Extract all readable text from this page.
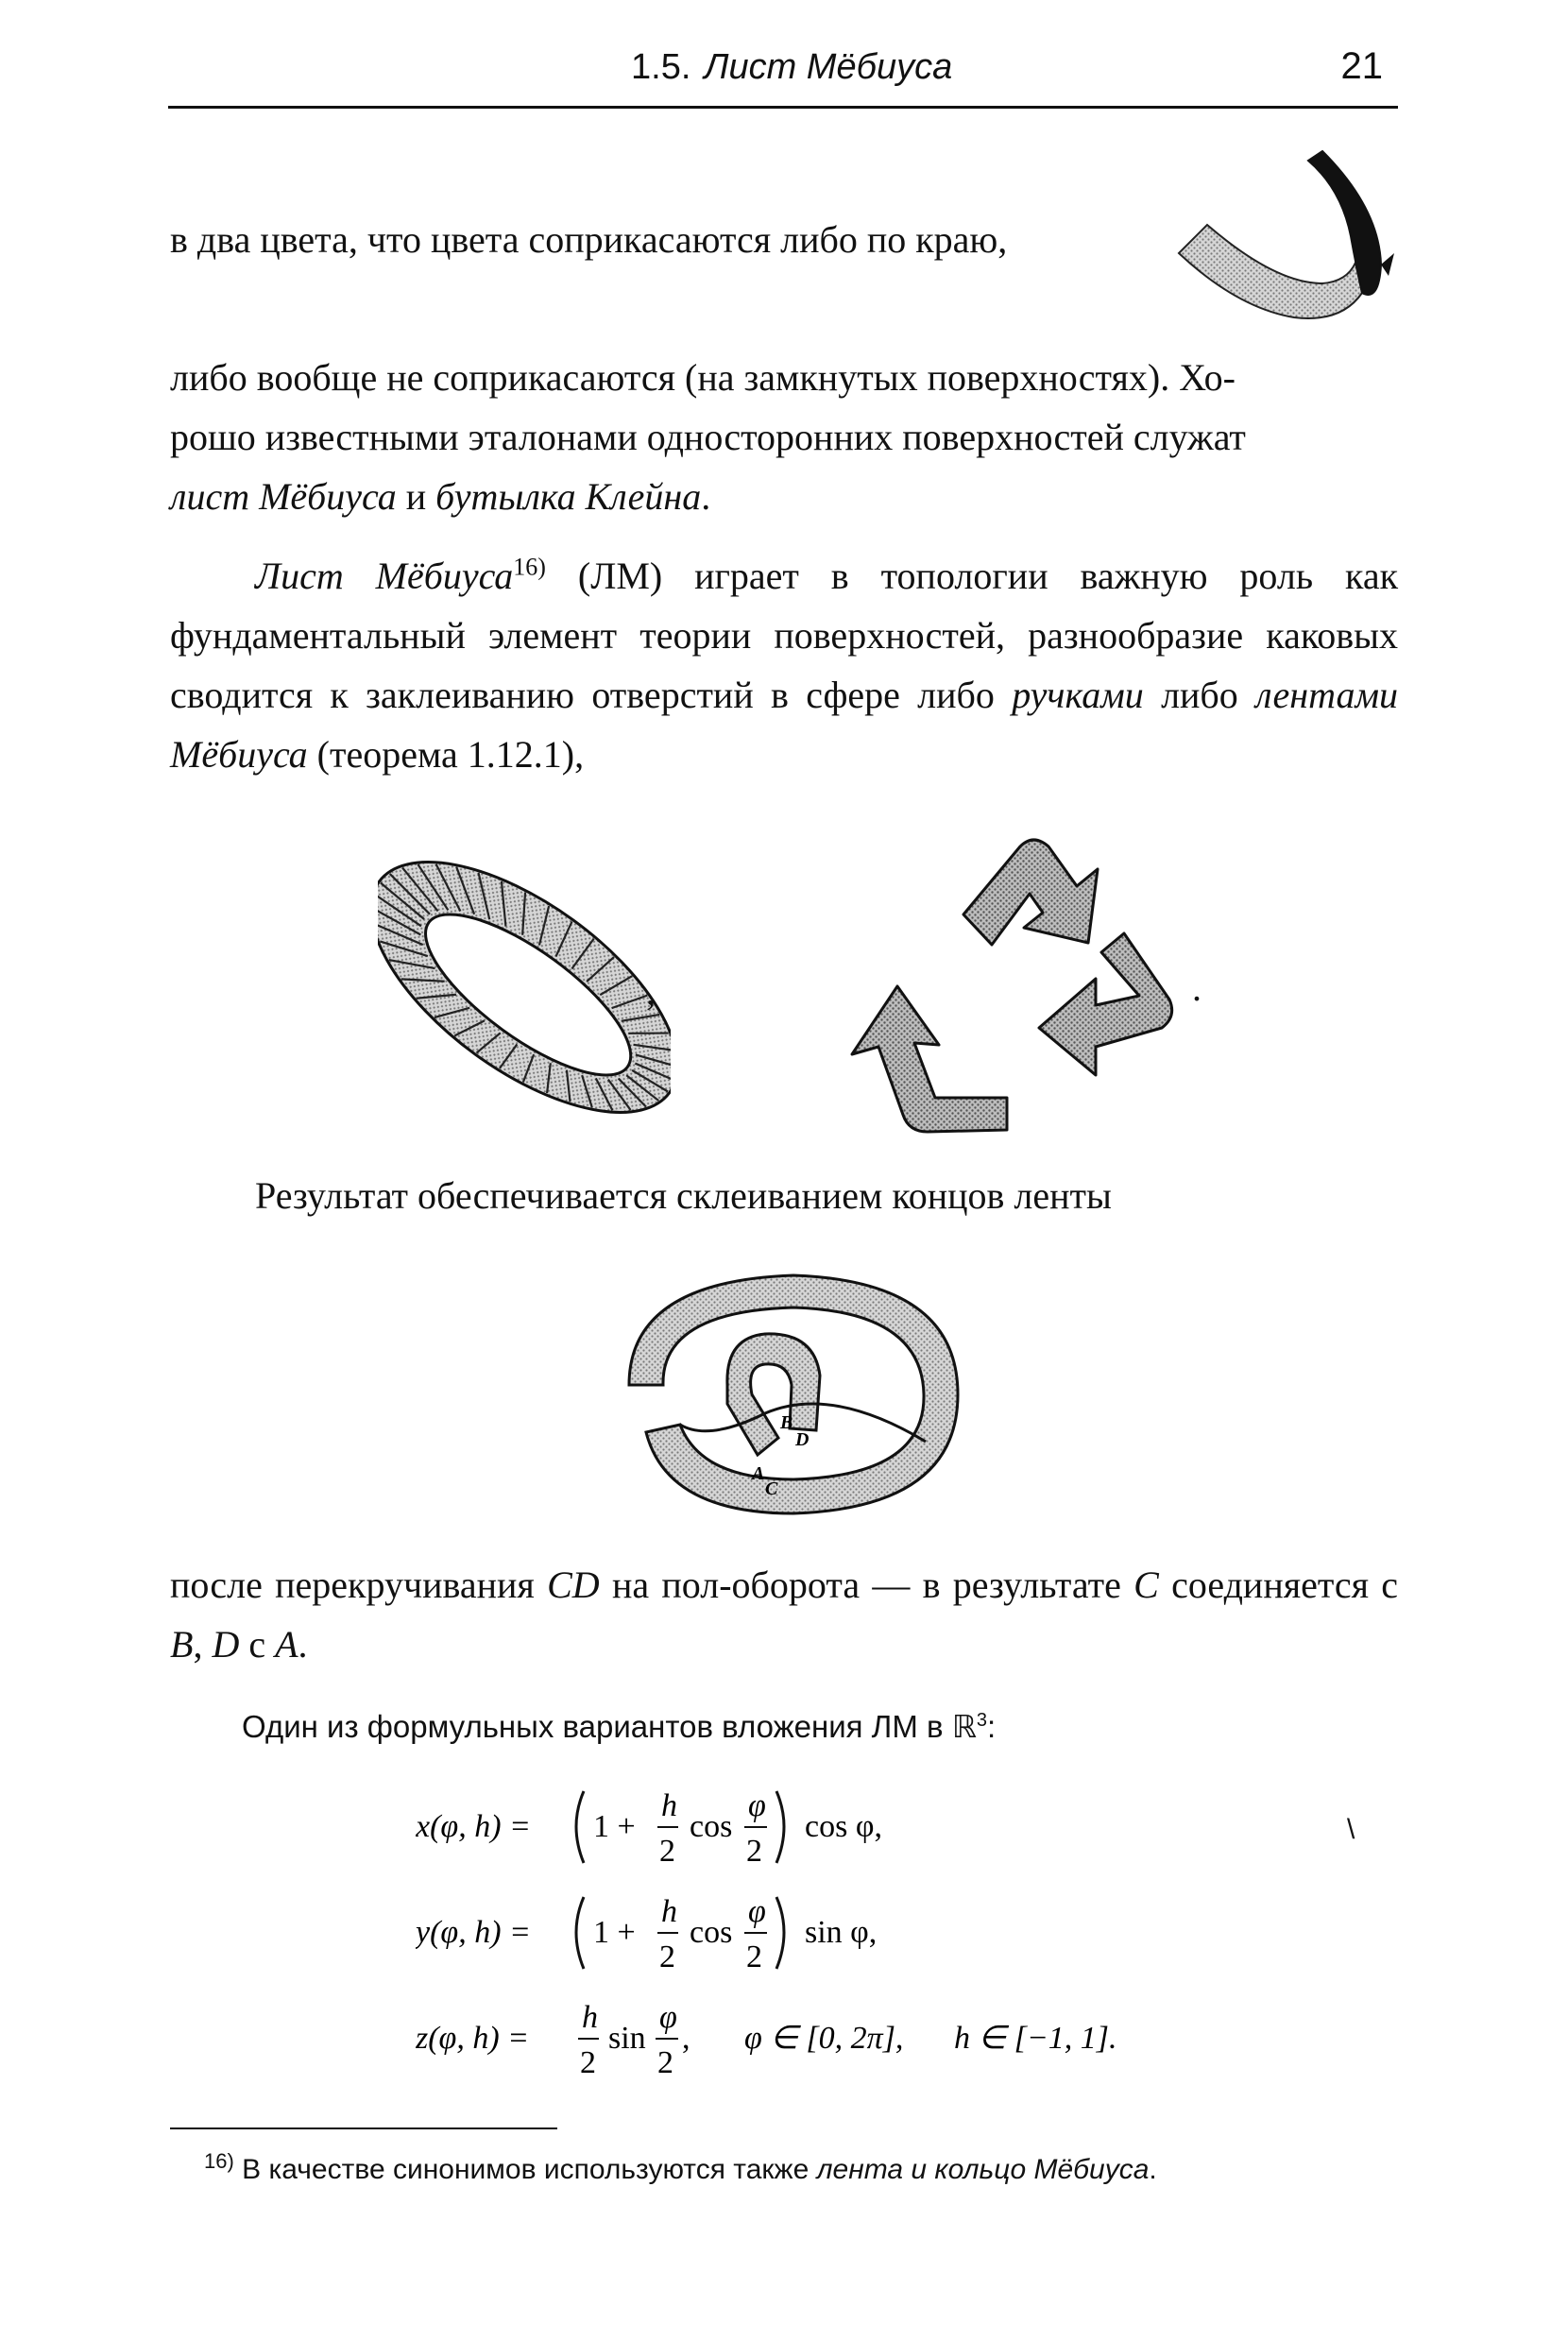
1.5. Лист Мёбиуса	21
в два цвета, что цвета соприкасаются либо по краю,
либо вообще не соприкасаются (на замкнутых поверхностях). Хо-
рошо известными эталонами односторонних поверхностей служат
лист Мёбиуса и бутылка Клейна.
Лист Мёбиуса$^{16)}$ (ЛМ) играет в топологии важную роль как фундаментальный элемент теории поверхностей, разнообразие каковых сводится к заклеиванию отверстий в сфере либо ручками либо лентами Мёбиуса (теорема 1.12.1),
,	.
Результат обеспечивается склеиванием концов ленты
B
D
A
C
после перекручивания CD на пол-оборота — в результате C соединяется с B, D с A.
Один из формульных вариантов вложения ЛМ в ℝ$^3$:
x(φ, h) = 1 +
h
2
cos
φ
2
cos φ,	\
y(φ, h) = 1 +
h
2
cos
φ
2
sin φ,
z(φ, h) =
h
2
sin
φ
2
, φ ∈ [0, 2π], h ∈ [−1, 1].
$^{16)}$ В качестве синонимов используются также лента и кольцо Мёбиуса.
